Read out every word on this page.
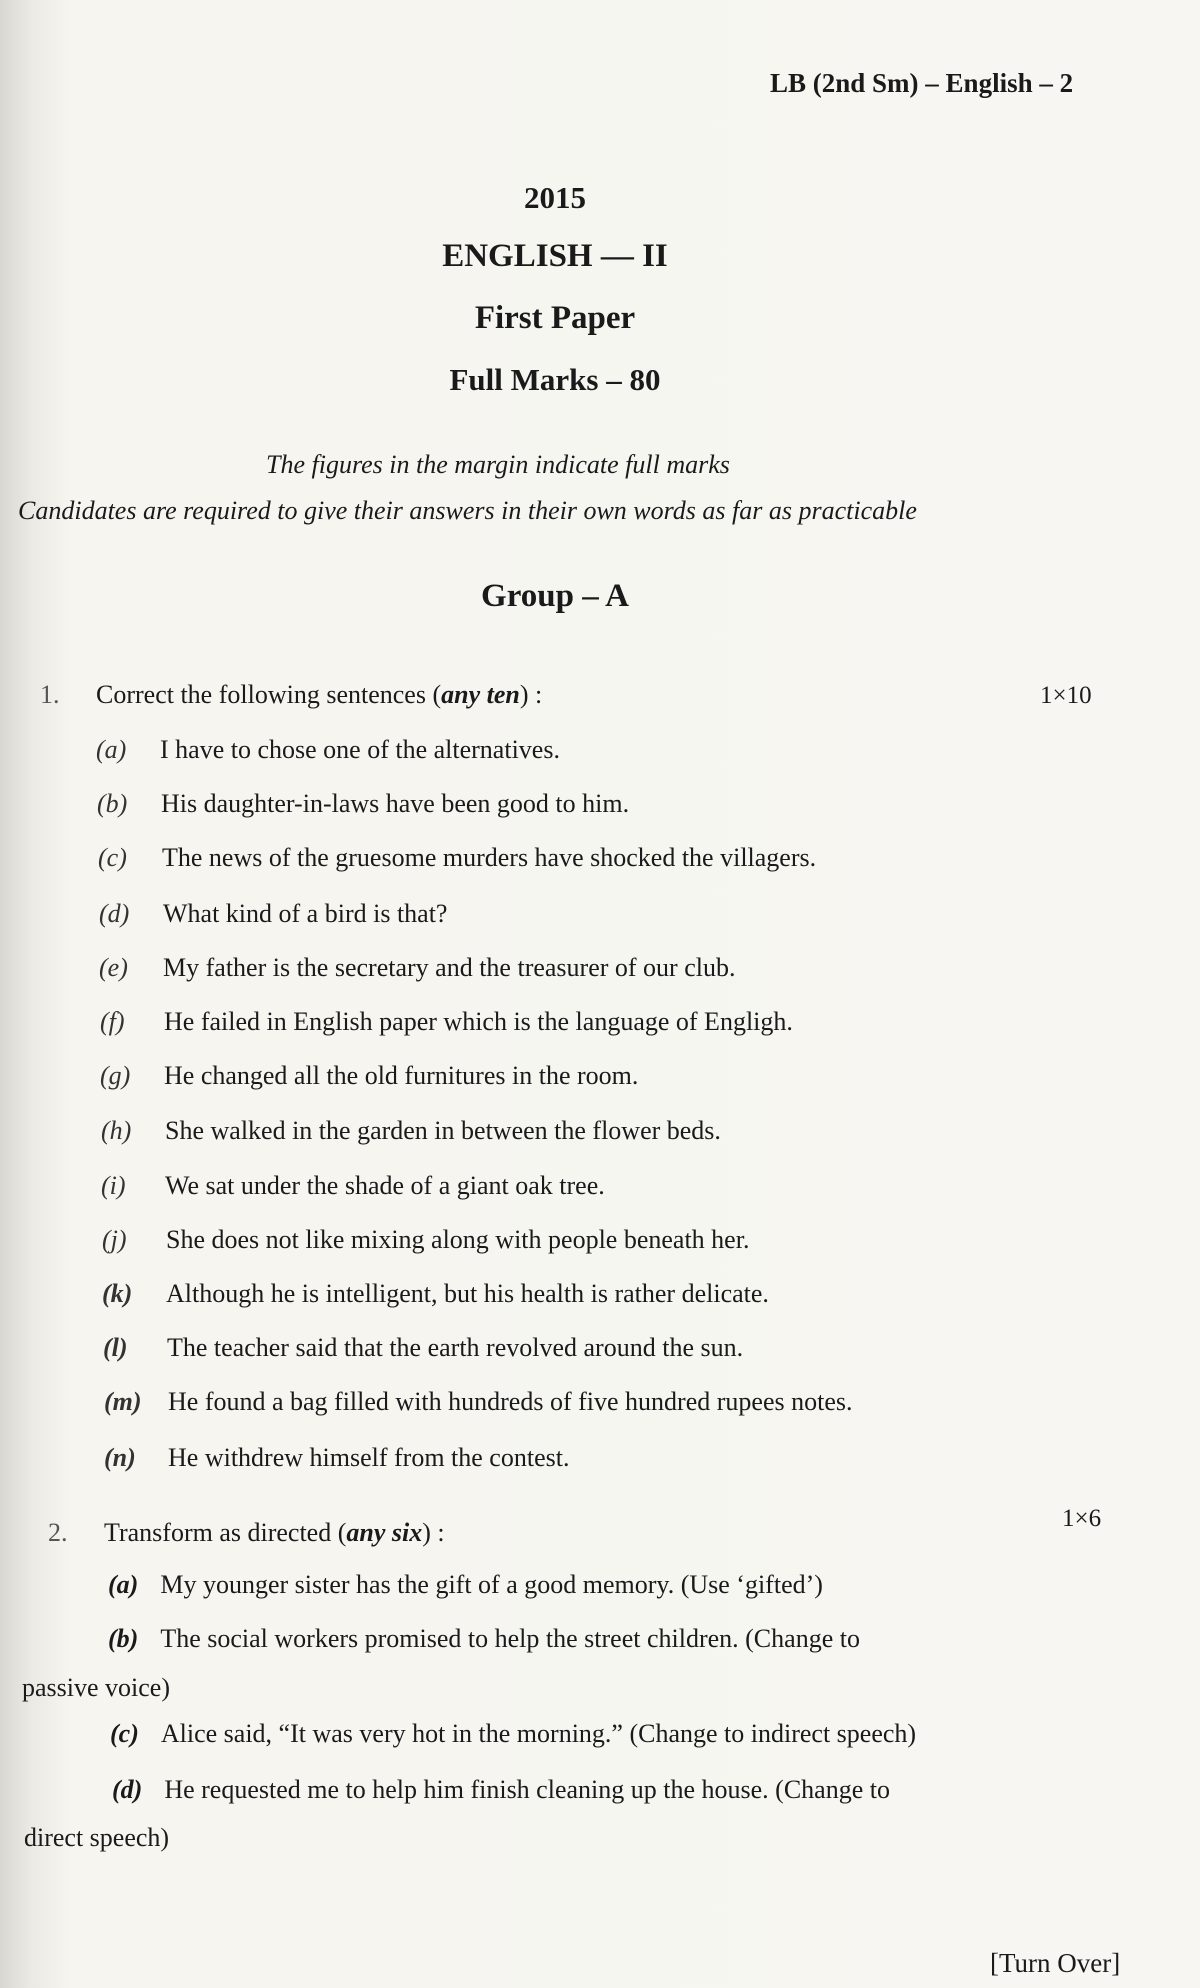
LB (2nd Sm) – English – 2
2015
ENGLISH — II
First Paper
Full Marks – 80
The figures in the margin indicate full marks
Candidates are required to give their answers in their own words as far as practicable
Group – A
1. Correct the following sentences (any ten) :	1×10
(a)	I have to chose one of the alternatives.
(b)	His daughter-in-laws have been good to him.
(c)	The news of the gruesome murders have shocked the villagers.
(d)	What kind of a bird is that?
(e)	My father is the secretary and the treasurer of our club.
(f)	He failed in English paper which is the language of Engligh.
(g)	He changed all the old furnitures in the room.
(h)	She walked in the garden in between the flower beds.
(i)	We sat under the shade of a giant oak tree.
(j)	She does not like mixing along with people beneath her.
(k)	Although he is intelligent, but his health is rather delicate.
(l)	The teacher said that the earth revolved around the sun.
(m)	He found a bag filled with hundreds of five hundred rupees notes.
(n)	He withdrew himself from the contest.
2. Transform as directed (any six) :	1×6
(a) My younger sister has the gift of a good memory. (Use ‘gifted’)
(b) The social workers promised to help the street children. (Change to
passive voice)
(c) Alice said, “It was very hot in the morning.” (Change to indirect speech)
(d) He requested me to help him finish cleaning up the house. (Change to
direct speech)
[Turn Over]
